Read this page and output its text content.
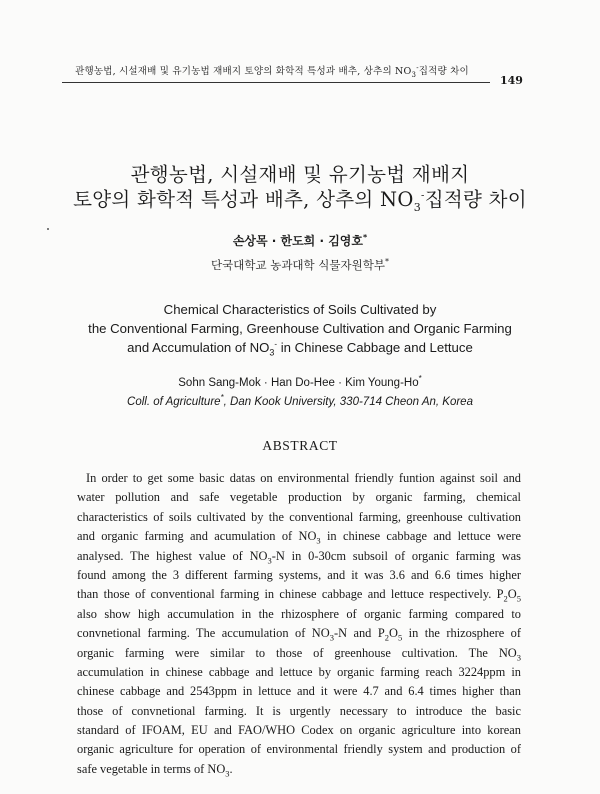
관행농법, 시설재배 및 유기농법 재배지 토양의 화학적 특성과 배추, 상추의 $NO_3^-$집적량 차이
149
관행농법, 시설재배 및 유기농법 재배지
토양의 화학적 특성과 배추, 상추의 $NO_3^-$집적량 차이
손상목 · 한도희 · 김영호*
단국대학교 농과대학 식물자원학부*
Chemical Characteristics of Soils Cultivated by
the Conventional Farming, Greenhouse Cultivation and Organic Farming
and Accumulation of $NO_3^-$ in Chinese Cabbage and Lettuce
Sohn Sang-Mok · Han Do-Hee · Kim Young-Ho*
Coll. of Agriculture*, Dan Kook University, 330-714 Cheon An, Korea
ABSTRACT
In order to get some basic datas on environmental friendly funtion against soil and
water pollution and safe vegetable production by organic farming, chemical
characteristics of soils cultivated by the conventional farming, greenhouse cultivation
and organic farming and acumulation of $NO_3$ in chinese cabbage and lettuce were
analysed. The highest value of $NO_3-N$ in 0-30cm subsoil of organic farming was
found among the 3 different farming systems, and it was 3.6 and 6.6 times higher
than those of conventional farming in chinese cabbage and lettuce respectively. $P_2O_5$
also show high accumulation in the rhizosphere of organic farming compared to
convnetional farming. The accumulation of $NO_3-N$ and $P_2O_5$ in the rhizosphere of
organic farming were similar to those of greenhouse cultivation. The $NO_3$
accumulation in chinese cabbage and lettuce by organic farming reach 3224ppm in
chinese cabbage and 2543ppm in lettuce and it were 4.7 and 6.4 times higher than
those of convnetional farming. It is urgently necessary to introduce the basic
standard of IFOAM, EU and FAO/WHO Codex on organic agriculture into korean
organic agriculture for operation of environmental friendly system and production of
safe vegetable in terms of $NO_3$.
